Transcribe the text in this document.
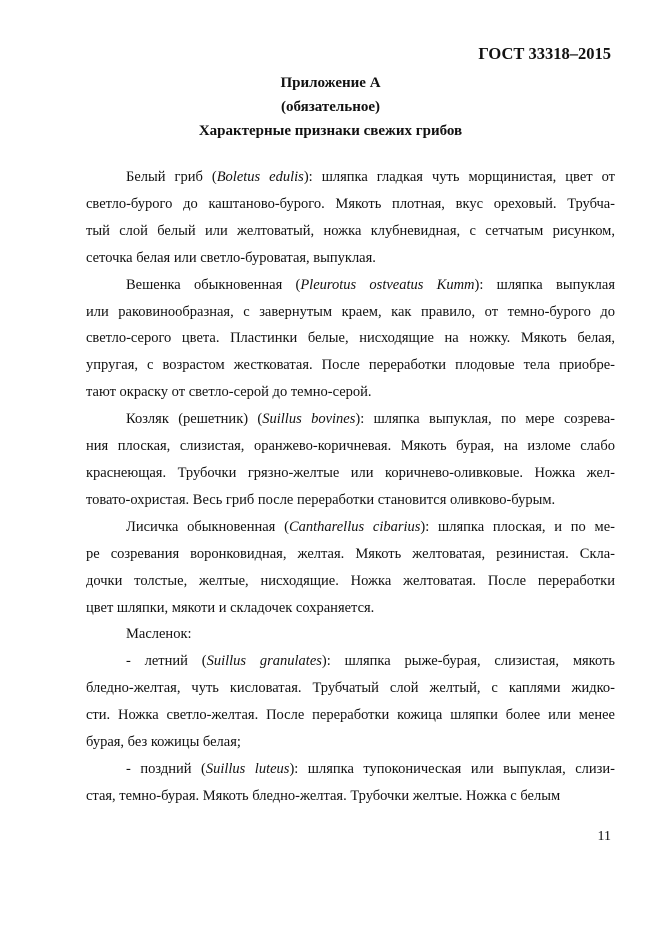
ГОСТ 33318–2015
Приложение А
(обязательное)
Характерные признаки свежих грибов
Белый гриб (Boletus edulis): шляпка гладкая чуть морщинистая, цвет от
светло-бурого до каштаново-бурого. Мякоть плотная, вкус ореховый. Трубча-
тый слой белый или желтоватый, ножка клубневидная, с сетчатым рисунком,
сеточка белая или светло-буроватая, выпуклая.
Вешенка обыкновенная (Pleurotus ostveatus Kumm): шляпка выпуклая
или раковинообразная, с завернутым краем, как правило, от темно-бурого до
светло-серого цвета. Пластинки белые, нисходящие на ножку. Мякоть белая,
упругая, с возрастом жестковатая. После переработки плодовые тела приобре-
тают окраску от светло-серой до темно-серой.
Козляк (решетник) (Suillus bovines): шляпка выпуклая, по мере созрева-
ния плоская, слизистая, оранжево-коричневая. Мякоть бурая, на изломе слабо
краснеющая. Трубочки грязно-желтые или коричнево-оливковые. Ножка жел-
товато-охристая. Весь гриб после переработки становится оливково-бурым.
Лисичка обыкновенная (Cantharellus cibarius): шляпка плоская, и по ме-
ре созревания воронковидная, желтая. Мякоть желтоватая, резинистая. Скла-
дочки толстые, желтые, нисходящие. Ножка желтоватая. После переработки
цвет шляпки, мякоти и складочек сохраняется.
Масленок:
- летний (Suillus granulates): шляпка рыже-бурая, слизистая, мякоть
бледно-желтая, чуть кисловатая. Трубчатый слой желтый, с каплями жидко-
сти. Ножка светло-желтая. После переработки кожица шляпки более или менее
бурая, без кожицы белая;
- поздний (Suillus luteus): шляпка тупоконическая или выпуклая, слизи-
стая, темно-бурая. Мякоть бледно-желтая. Трубочки желтые. Ножка с белым
11
